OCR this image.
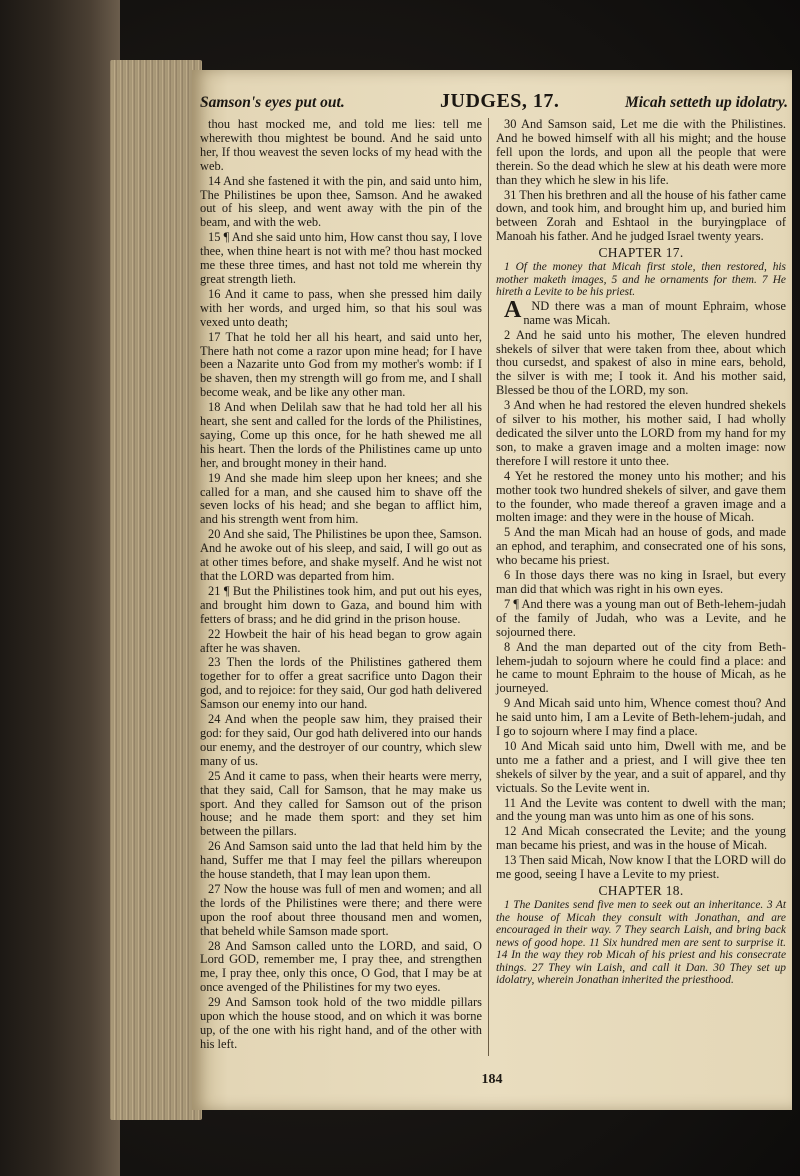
Samson's eyes put out.	JUDGES, 17.	Micah setteth up idolatry.

thou hast mocked me, and told me lies: tell me wherewith thou mightest be bound. And he said unto her, If thou weavest the seven locks of my head with the web.

14 And she fastened it with the pin, and said unto him, The Philistines be upon thee, Samson. And he awaked out of his sleep, and went away with the pin of the beam, and with the web.

15 ¶ And she said unto him, How canst thou say, I love thee, when thine heart is not with me? thou hast mocked me these three times, and hast not told me wherein thy great strength lieth.

16 And it came to pass, when she pressed him daily with her words, and urged him, so that his soul was vexed unto death;

17 That he told her all his heart, and said unto her, There hath not come a razor upon mine head; for I have been a Nazarite unto God from my mother's womb: if I be shaven, then my strength will go from me, and I shall become weak, and be like any other man.

18 And when Delilah saw that he had told her all his heart, she sent and called for the lords of the Philistines, saying, Come up this once, for he hath shewed me all his heart. Then the lords of the Philistines came up unto her, and brought money in their hand.

19 And she made him sleep upon her knees; and she called for a man, and she caused him to shave off the seven locks of his head; and she began to afflict him, and his strength went from him.

20 And she said, The Philistines be upon thee, Samson. And he awoke out of his sleep, and said, I will go out as at other times before, and shake myself. And he wist not that the LORD was departed from him.

21 ¶ But the Philistines took him, and put out his eyes, and brought him down to Gaza, and bound him with fetters of brass; and he did grind in the prison house.

22 Howbeit the hair of his head began to grow again after he was shaven.

23 Then the lords of the Philistines gathered them together for to offer a great sacrifice unto Dagon their god, and to rejoice: for they said, Our god hath delivered Samson our enemy into our hand.

24 And when the people saw him, they praised their god: for they said, Our god hath delivered into our hands our enemy, and the destroyer of our country, which slew many of us.

25 And it came to pass, when their hearts were merry, that they said, Call for Samson, that he may make us sport. And they called for Samson out of the prison house; and he made them sport: and they set him between the pillars.

26 And Samson said unto the lad that held him by the hand, Suffer me that I may feel the pillars whereupon the house standeth, that I may lean upon them.

27 Now the house was full of men and women; and all the lords of the Philistines were there; and there were upon the roof about three thousand men and women, that beheld while Samson made sport.

28 And Samson called unto the LORD, and said, O Lord GOD, remember me, I pray thee, and strengthen me, I pray thee, only this once, O God, that I may be at once avenged of the Philistines for my two eyes.

29 And Samson took hold of the two middle pillars upon which the house stood, and on which it was borne up, of the one with his right hand, and of the other with his left.

30 And Samson said, Let me die with the Philistines. And he bowed himself with all his might; and the house fell upon the lords, and upon all the people that were therein. So the dead which he slew at his death were more than they which he slew in his life.

31 Then his brethren and all the house of his father came down, and took him, and brought him up, and buried him between Zorah and Eshtaol in the buryingplace of Manoah his father. And he judged Israel twenty years.

CHAPTER 17.

1 Of the money that Micah first stole, then restored, his mother maketh images, 5 and he ornaments for them. 7 He hireth a Levite to be his priest.

AND there was a man of mount Ephraim, whose name was Micah.

2 And he said unto his mother, The eleven hundred shekels of silver that were taken from thee, about which thou cursedst, and spakest of also in mine ears, behold, the silver is with me; I took it. And his mother said, Blessed be thou of the LORD, my son.

3 And when he had restored the eleven hundred shekels of silver to his mother, his mother said, I had wholly dedicated the silver unto the LORD from my hand for my son, to make a graven image and a molten image: now therefore I will restore it unto thee.

4 Yet he restored the money unto his mother; and his mother took two hundred shekels of silver, and gave them to the founder, who made thereof a graven image and a molten image: and they were in the house of Micah.

5 And the man Micah had an house of gods, and made an ephod, and teraphim, and consecrated one of his sons, who became his priest.

6 In those days there was no king in Israel, but every man did that which was right in his own eyes.

7 ¶ And there was a young man out of Beth-lehem-judah of the family of Judah, who was a Levite, and he sojourned there.

8 And the man departed out of the city from Beth-lehem-judah to sojourn where he could find a place: and he came to mount Ephraim to the house of Micah, as he journeyed.

9 And Micah said unto him, Whence comest thou? And he said unto him, I am a Levite of Beth-lehem-judah, and I go to sojourn where I may find a place.

10 And Micah said unto him, Dwell with me, and be unto me a father and a priest, and I will give thee ten shekels of silver by the year, and a suit of apparel, and thy victuals. So the Levite went in.

11 And the Levite was content to dwell with the man; and the young man was unto him as one of his sons.

12 And Micah consecrated the Levite; and the young man became his priest, and was in the house of Micah.

13 Then said Micah, Now know I that the LORD will do me good, seeing I have a Levite to my priest.

CHAPTER 18.

1 The Danites send five men to seek out an inheritance. 3 At the house of Micah they consult with Jonathan, and are encouraged in their way. 7 They search Laish, and bring back news of good hope. 11 Six hundred men are sent to surprise it. 14 In the way they rob Micah of his priest and his consecrate things. 27 They win Laish, and call it Dan. 30 They set up idolatry, wherein Jonathan inherited the priesthood.

184
